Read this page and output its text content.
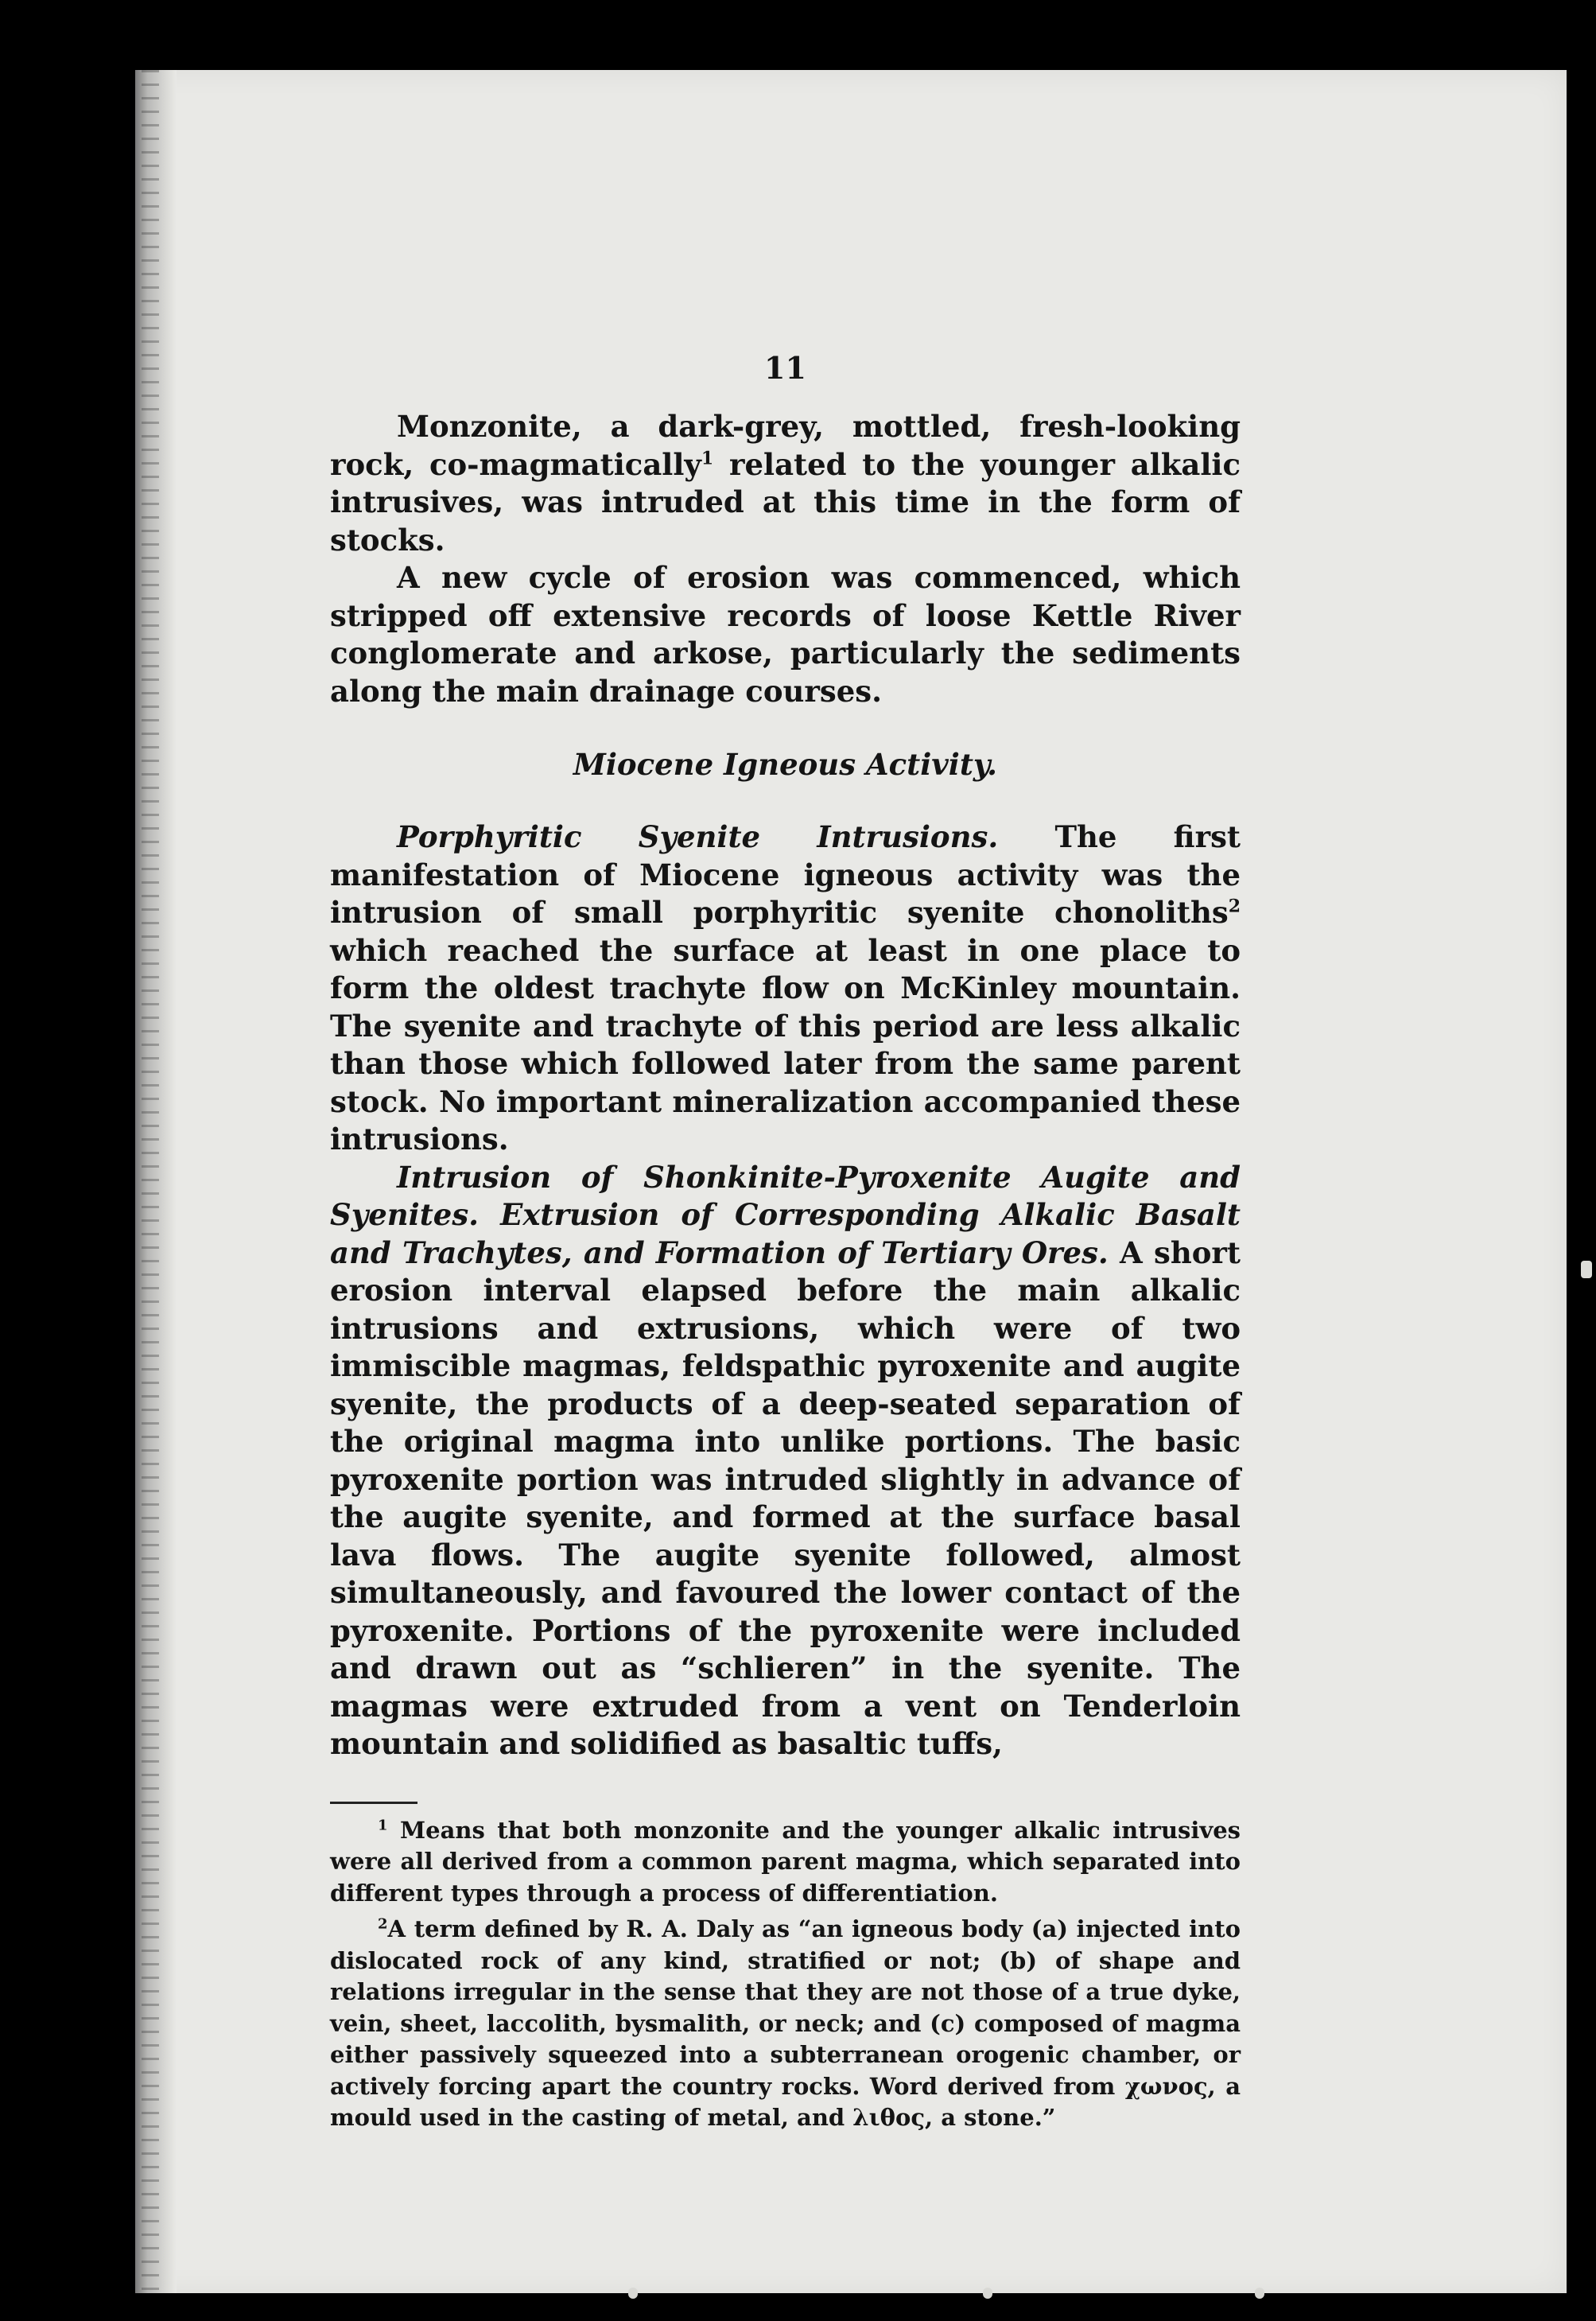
11

Monzonite, a dark-grey, mottled, fresh-looking rock, co-magmatically$^1$ related to the younger alkalic intrusives, was intruded at this time in the form of stocks.

A new cycle of erosion was commenced, which stripped off extensive records of loose Kettle River conglomerate and arkose, particularly the sediments along the main drainage courses.

Miocene Igneous Activity.

Porphyritic Syenite Intrusions. The first manifestation of Miocene igneous activity was the intrusion of small porphyritic syenite chonoliths$^2$ which reached the surface at least in one place to form the oldest trachyte flow on McKinley mountain. The syenite and trachyte of this period are less alkalic than those which followed later from the same parent stock. No important mineralization accompanied these intrusions.

Intrusion of Shonkinite-Pyroxenite Augite and Syenites. Extrusion of Corresponding Alkalic Basalt and Trachytes, and Formation of Tertiary Ores. A short erosion interval elapsed before the main alkalic intrusions and extrusions, which were of two immiscible magmas, feldspathic pyroxenite and augite syenite, the products of a deep-seated separation of the original magma into unlike portions. The basic pyroxenite portion was intruded slightly in advance of the augite syenite, and formed at the surface basal lava flows. The augite syenite followed, almost simultaneously, and favoured the lower contact of the pyroxenite. Portions of the pyroxenite were included and drawn out as “schlieren” in the syenite. The magmas were extruded from a vent on Tenderloin mountain and solidified as basaltic tuffs,

$^1$ Means that both monzonite and the younger alkalic intrusives were all derived from a common parent magma, which separated into different types through a process of differentiation.

$^2$A term defined by R. A. Daly as “an igneous body (a) injected into dislocated rock of any kind, stratified or not; (b) of shape and relations irregular in the sense that they are not those of a true dyke, vein, sheet, laccolith, bysmalith, or neck; and (c) composed of magma either passively squeezed into a subterranean orogenic chamber, or actively forcing apart the country rocks. Word derived from χωνος, a mould used in the casting of metal, and λιθος, a stone.”
